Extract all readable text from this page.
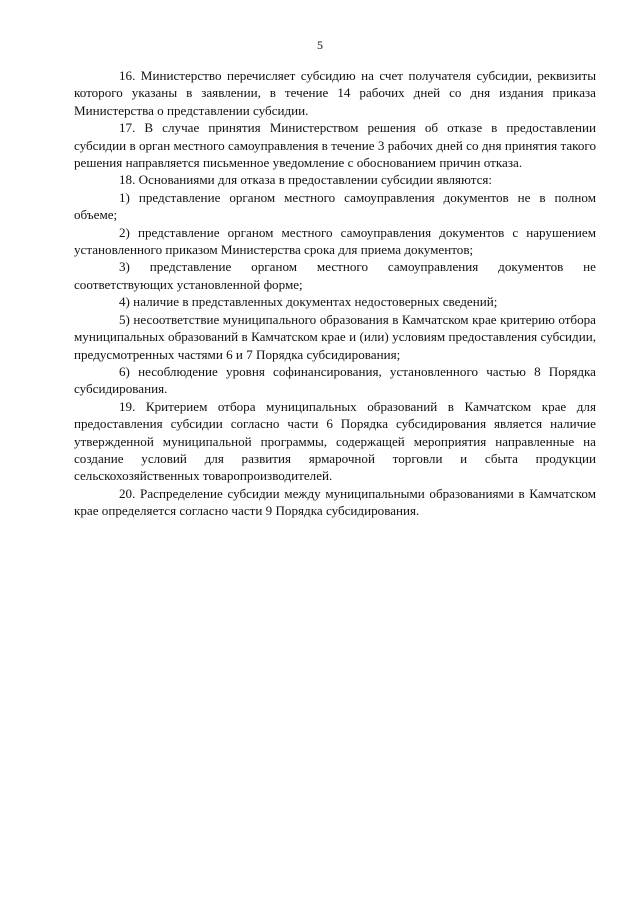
5

16. Министерство перечисляет субсидию на счет получателя субсидии, реквизиты которого указаны в заявлении, в течение 14 рабочих дней со дня издания приказа Министерства о представлении субсидии.

17. В случае принятия Министерством решения об отказе в предоставлении субсидии в орган местного самоуправления в течение 3 рабочих дней со дня принятия такого решения направляется письменное уведомление с обоснованием причин отказа.

18. Основаниями для отказа в предоставлении субсидии являются:

1) представление органом местного самоуправления документов не в полном объеме;

2) представление органом местного самоуправления документов с нарушением установленного приказом Министерства срока для приема документов;

3) представление органом местного самоуправления документов не соответствующих установленной форме;

4) наличие в представленных документах недостоверных сведений;

5) несоответствие муниципального образования в Камчатском крае критерию отбора муниципальных образований в Камчатском крае и (или) условиям предоставления субсидии, предусмотренных частями 6 и 7 Порядка субсидирования;

6) несоблюдение уровня софинансирования, установленного частью 8 Порядка субсидирования.

19. Критерием отбора муниципальных образований в Камчатском крае для предоставления субсидии согласно части 6 Порядка субсидирования является наличие утвержденной муниципальной программы, содержащей мероприятия направленные на создание условий для развития ярмарочной торговли и сбыта продукции сельскохозяйственных товаропроизводителей.

20. Распределение субсидии между муниципальными образованиями в Камчатском крае определяется согласно части 9 Порядка субсидирования.
